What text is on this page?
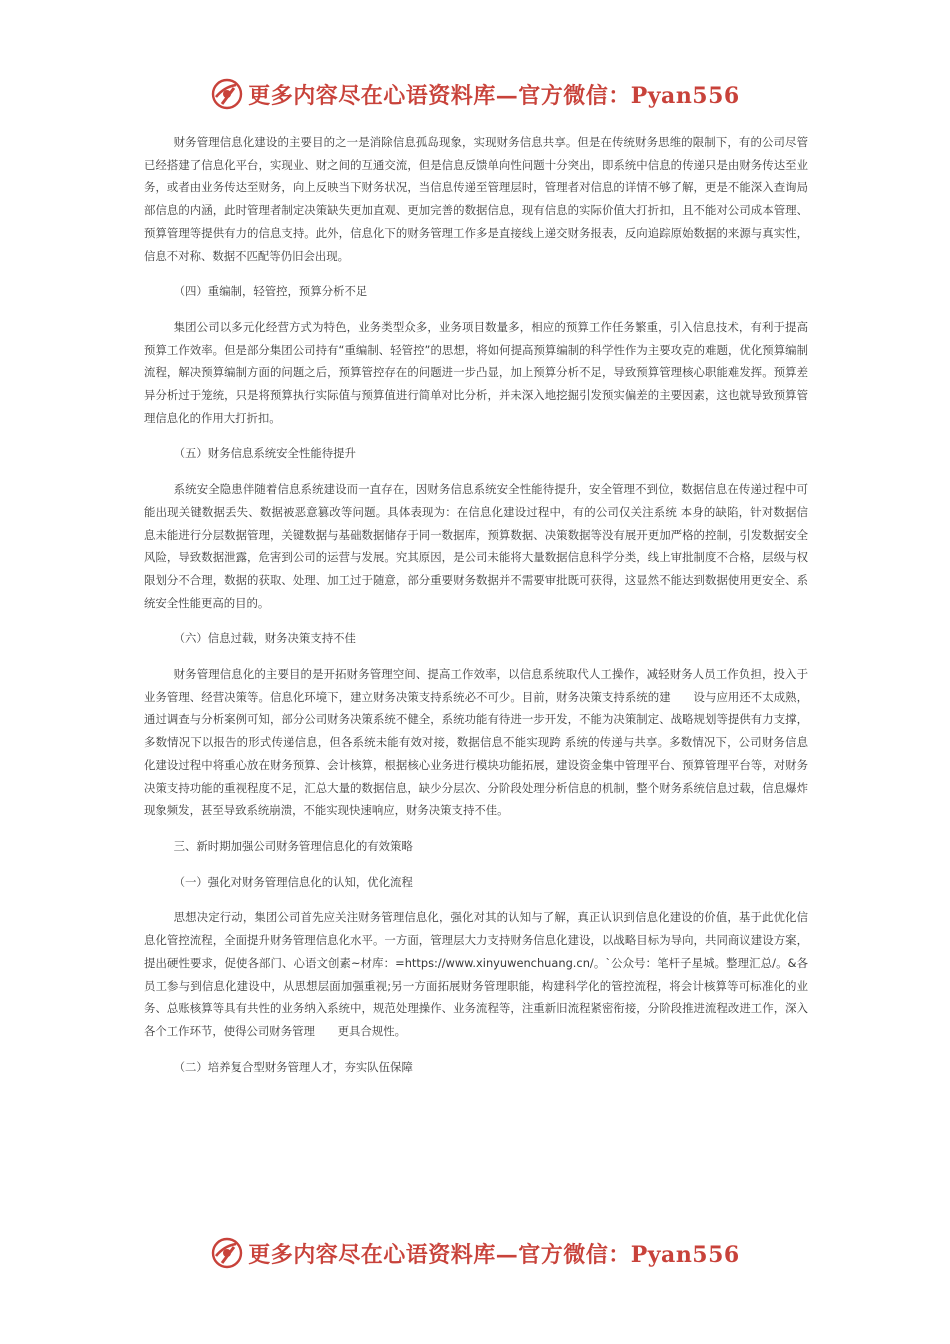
更多内容尽在心语资料库—官方微信：Pyan556

财务管理信息化建设的主要目的之一是消除信息孤岛现象，实现财务信息共享。但是在传统财务思维的限制下，有的公司尽管已经搭建了信息化平台，实现业、财之间的互通交流，但是信息反馈单向性问题十分突出，即系统中信息的传递只是由财务传达至业务，或者由业务传达至财务，向上反映当下财务状况，当信息传递至管理层时，管理者对信息的详情不够了解，更是不能深入查询局部信息的内涵，此时管理者制定决策缺失更加直观、更加完善的数据信息，现有信息的实际价值大打折扣，且不能对公司成本管理、预算管理等提供有力的信息支持。此外，信息化下的财务管理工作多是直接线上递交财务报表，反向追踪原始数据的来源与真实性，信息不对称、数据不匹配等仍旧会出现。

（四）重编制，轻管控，预算分析不足

集团公司以多元化经营方式为特色，业务类型众多，业务项目数量多，相应的预算工作任务繁重，引入信息技术，有利于提高预算工作效率。但是部分集团公司持有“重编制、轻管控”的思想，将如何提高预算编制的科学性作为主要攻克的难题，优化预算编制流程，解决预算编制方面的问题之后，预算管控存在的问题进一步凸显，加上预算分析不足，导致预算管理核心职能难发挥。预算差异分析过于笼统，只是将预算执行实际值与预算值进行简单对比分析，并未深入地挖掘引发预实偏差的主要因素，这也就导致预算管理信息化的作用大打折扣。

（五）财务信息系统安全性能待提升

系统安全隐患伴随着信息系统建设而一直存在，因财务信息系统安全性能待提升，安全管理不到位，数据信息在传递过程中可能出现关键数据丢失、数据被恶意篡改等问题。具体表现为：在信息化建设过程中，有的公司仅关注系统 本身的缺陷，针对数据信息未能进行分层数据管理，关键数据与基础数据储存于同一数据库，预算数据、决策数据等没有展开更加严格的控制，引发数据安全风险，导致数据泄露，危害到公司的运营与发展。究其原因，是公司未能将大量数据信息科学分类，线上审批制度不合格，层级与权限划分不合理，数据的获取、处理、加工过于随意，部分重要财务数据并不需要审批既可获得，这显然不能达到数据使用更安全、系统安全性能更高的目的。

（六）信息过载，财务决策支持不佳

财务管理信息化的主要目的是开拓财务管理空间、提高工作效率，以信息系统取代人工操作，减轻财务人员工作负担，投入于业务管理、经营决策等。信息化环境下，建立财务决策支持系统必不可少。目前，财务决策支持系统的建　　设与应用还不太成熟，通过调查与分析案例可知，部分公司财务决策系统不健全，系统功能有待进一步开发，不能为决策制定、战略规划等提供有力支撑，多数情况下以报告的形式传递信息，但各系统未能有效对接，数据信息不能实现跨 系统的传递与共享。多数情况下，公司财务信息化建设过程中将重心放在财务预算、会计核算，根据核心业务进行模块功能拓展，建设资金集中管理平台、预算管理平台等，对财务决策支持功能的重视程度不足，汇总大量的数据信息，缺少分层次、分阶段处理分析信息的机制，整个财务系统信息过载，信息爆炸现象频发，甚至导致系统崩溃，不能实现快速响应，财务决策支持不佳。

三、新时期加强公司财务管理信息化的有效策略

（一）强化对财务管理信息化的认知，优化流程

思想决定行动，集团公司首先应关注财务管理信息化，强化对其的认知与了解，真正认识到信息化建设的价值，基于此优化信息化管控流程，全面提升财务管理信息化水平。一方面，管理层大力支持财务信息化建设，以战略目标为导向，共同商议建设方案，提出硬性要求，促使各部门、心语文创素~材库：=https://www.xinyuwenchuang.cn/。`公众号：笔杆子星城。整理汇总/。&各员工参与到信息化建设中，从思想层面加强重视;另一方面拓展财务管理职能，构建科学化的管控流程，将会计核算等可标准化的业务、总账核算等具有共性的业务纳入系统中，规范处理操作、业务流程等，注重新旧流程紧密衔接，分阶段推进流程改进工作，深入各个工作环节，使得公司财务管理　　更具合规性。

（二）培养复合型财务管理人才，夯实队伍保障

更多内容尽在心语资料库—官方微信：Pyan556
